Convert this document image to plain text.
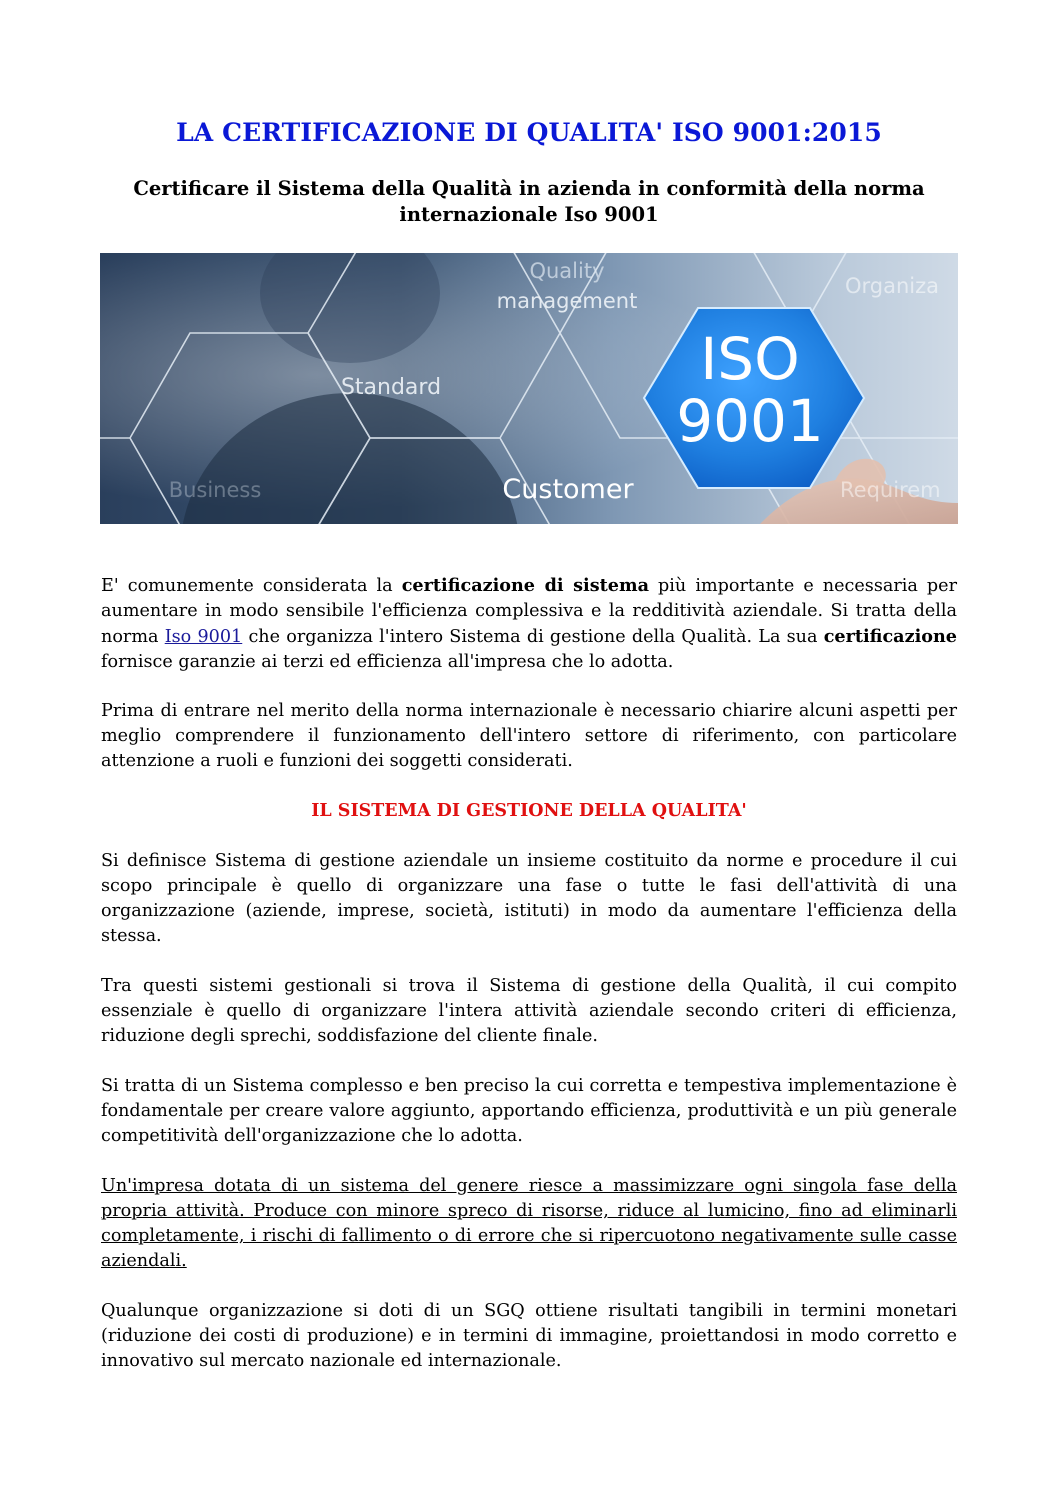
LA CERTIFICAZIONE DI QUALITA' ISO 9001:2015
Certificare il Sistema della Qualità in azienda in conformità della norma internazionale Iso 9001
ISO
9001
Quality
management
Organiza
Standard
Customer
Business	Requirem

E' comunemente considerata la certificazione di sistema più importante e necessaria per aumentare in modo sensibile l'efficienza complessiva e la redditività aziendale. Si tratta della norma Iso 9001 che organizza l'intero Sistema di gestione della Qualità. La sua certificazione fornisce garanzie ai terzi ed efficienza all'impresa che lo adotta.

Prima di entrare nel merito della norma internazionale è necessario chiarire alcuni aspetti per meglio comprendere il funzionamento dell'intero settore di riferimento, con particolare attenzione a ruoli e funzioni dei soggetti considerati.

IL SISTEMA DI GESTIONE DELLA QUALITA'

Si definisce Sistema di gestione aziendale un insieme costituito da norme e procedure il cui scopo principale è quello di organizzare una fase o tutte le fasi dell'attività di una organizzazione (aziende, imprese, società, istituti) in modo da aumentare l'efficienza della stessa.

Tra questi sistemi gestionali si trova il Sistema di gestione della Qualità, il cui compito essenziale è quello di organizzare l'intera attività aziendale secondo criteri di efficienza, riduzione degli sprechi, soddisfazione del cliente finale.

Si tratta di un Sistema complesso e ben preciso la cui corretta e tempestiva implementazione è fondamentale per creare valore aggiunto, apportando efficienza, produttività e un più generale competitività dell'organizzazione che lo adotta.

Un'impresa dotata di un sistema del genere riesce a massimizzare ogni singola fase della propria attività. Produce con minore spreco di risorse, riduce al lumicino, fino ad eliminarli completamente, i rischi di fallimento o di errore che si ripercuotono negativamente sulle casse aziendali.

Qualunque organizzazione si doti di un SGQ ottiene risultati tangibili in termini monetari (riduzione dei costi di produzione) e in termini di immagine, proiettandosi in modo corretto e innovativo sul mercato nazionale ed internazionale.
